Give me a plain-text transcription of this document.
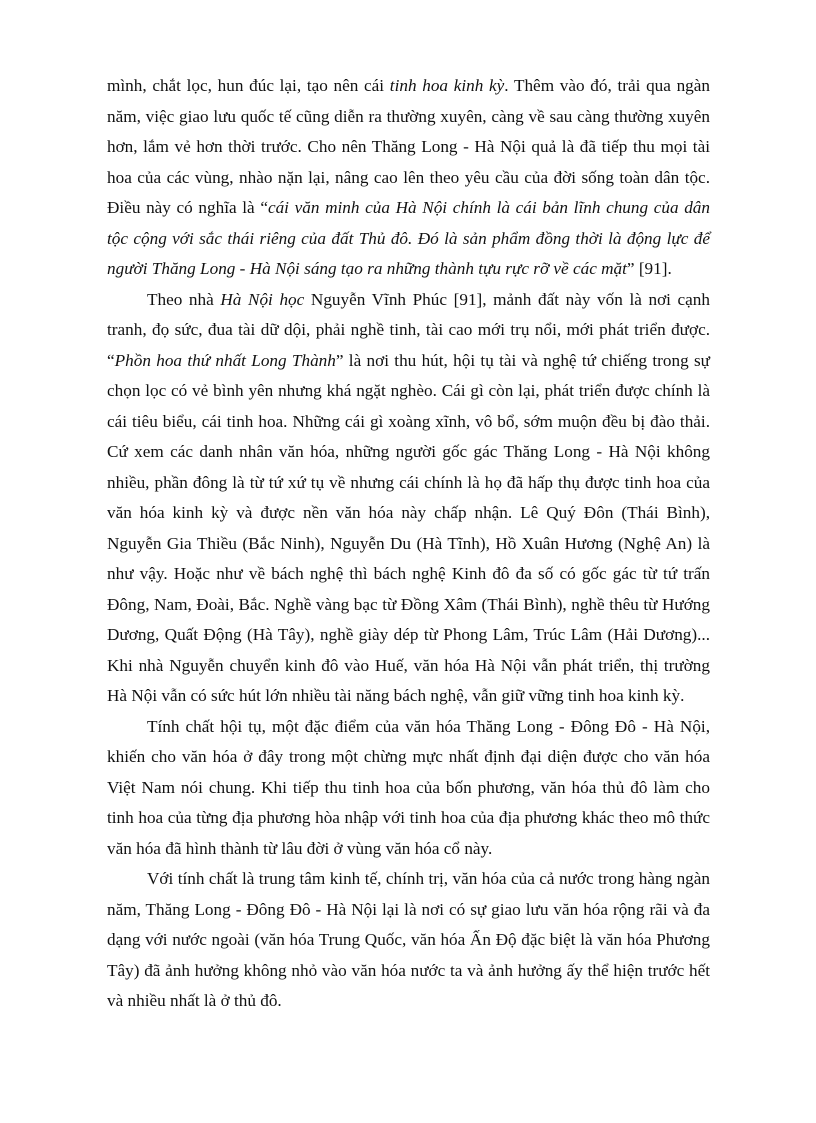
mình, chắt lọc, hun đúc lại, tạo nên cái tinh hoa kinh kỳ. Thêm vào đó, trải qua ngàn năm, việc giao lưu quốc tế cũng diễn ra thường xuyên, càng về sau càng thường xuyên hơn, lắm vẻ hơn thời trước. Cho nên Thăng Long - Hà Nội quả là đã tiếp thu mọi tài hoa của các vùng, nhào nặn lại, nâng cao lên theo yêu cầu của đời sống toàn dân tộc. Điều này có nghĩa là “cái văn minh của Hà Nội chính là cái bản lĩnh chung của dân tộc cộng với sắc thái riêng của đất Thủ đô. Đó là sản phẩm đồng thời là động lực để người Thăng Long - Hà Nội sáng tạo ra những thành tựu rực rỡ về các mặt” [91].

Theo nhà Hà Nội học Nguyễn Vĩnh Phúc [91], mảnh đất này vốn là nơi cạnh tranh, đọ sức, đua tài dữ dội, phải nghề tinh, tài cao mới trụ nổi, mới phát triển được. “Phồn hoa thứ nhất Long Thành” là nơi thu hút, hội tụ tài và nghệ tứ chiếng trong sự chọn lọc có vẻ bình yên nhưng khá ngặt nghèo. Cái gì còn lại, phát triển được chính là cái tiêu biểu, cái tinh hoa. Những cái gì xoàng xĩnh, vô bổ, sớm muộn đều bị đào thải. Cứ xem các danh nhân văn hóa, những người gốc gác Thăng Long - Hà Nội không nhiều, phần đông là từ tứ xứ tụ về nhưng cái chính là họ đã hấp thụ được tinh hoa của văn hóa kinh kỳ và được nền văn hóa này chấp nhận. Lê Quý Đôn (Thái Bình), Nguyễn Gia Thiều (Bắc Ninh), Nguyễn Du (Hà Tĩnh), Hồ Xuân Hương (Nghệ An) là như vậy. Hoặc như về bách nghệ thì bách nghệ Kinh đô đa số có gốc gác từ tứ trấn Đông, Nam, Đoài, Bắc. Nghề vàng bạc từ Đồng Xâm (Thái Bình), nghề thêu từ Hướng Dương, Quất Động (Hà Tây), nghề giày dép từ Phong Lâm, Trúc Lâm (Hải Dương)... Khi nhà Nguyễn chuyển kinh đô vào Huế, văn hóa Hà Nội vẫn phát triển, thị trường Hà Nội vẫn có sức hút lớn nhiều tài năng bách nghệ, vẫn giữ vững tinh hoa kinh kỳ.

Tính chất hội tụ, một đặc điểm của văn hóa Thăng Long - Đông Đô - Hà Nội, khiến cho văn hóa ở đây trong một chừng mực nhất định đại diện được cho văn hóa Việt Nam nói chung. Khi tiếp thu tinh hoa của bốn phương, văn hóa thủ đô làm cho tinh hoa của từng địa phương hòa nhập với tinh hoa của địa phương khác theo mô thức văn hóa đã hình thành từ lâu đời ở vùng văn hóa cổ này.

Với tính chất là trung tâm kinh tế, chính trị, văn hóa của cả nước trong hàng ngàn năm, Thăng Long - Đông Đô - Hà Nội lại là nơi có sự giao lưu văn hóa rộng rãi và đa dạng với nước ngoài (văn hóa Trung Quốc, văn hóa Ấn Độ đặc biệt là văn hóa Phương Tây) đã ảnh hưởng không nhỏ vào văn hóa nước ta và ảnh hưởng ấy thể hiện trước hết và nhiều nhất là ở thủ đô.
